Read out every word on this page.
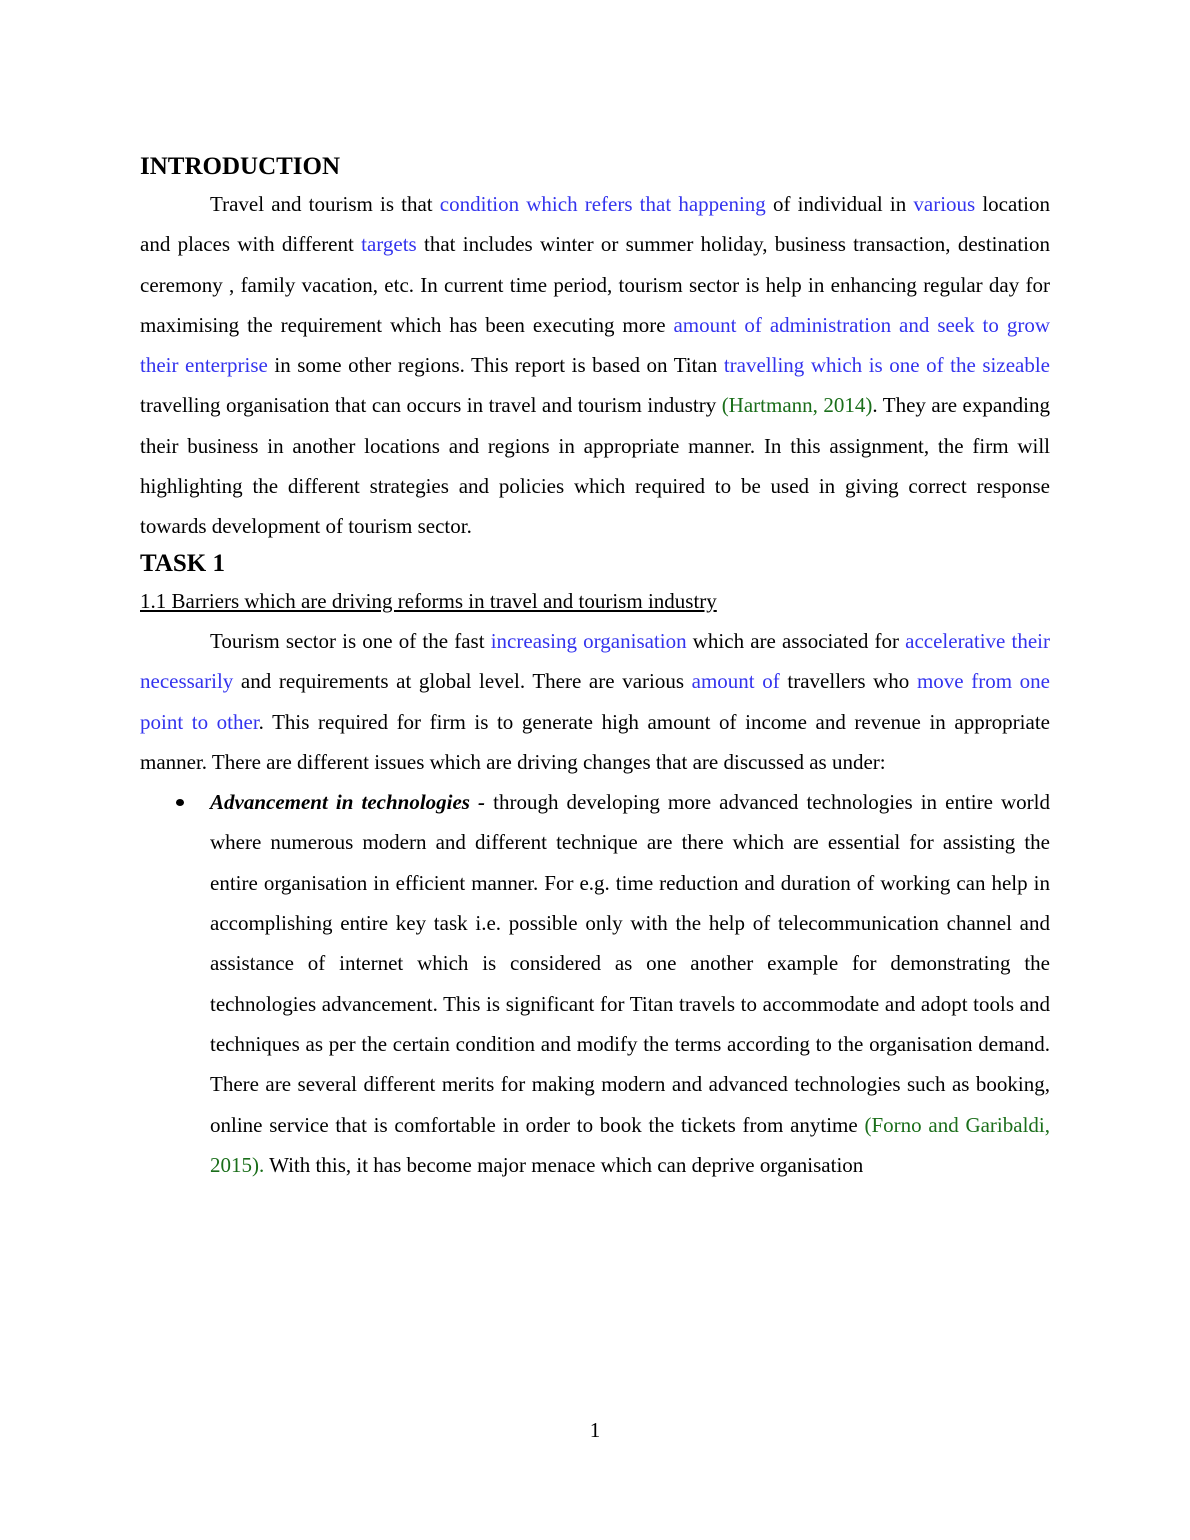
INTRODUCTION

Travel and tourism is that condition which refers that happening of individual in various location and places with different targets that includes winter or summer holiday, business transaction, destination ceremony , family vacation, etc. In current time period, tourism sector is help in enhancing regular day for maximising the requirement which has been executing more amount of administration and seek to grow their enterprise in some other regions. This report is based on Titan travelling which is one of the sizeable travelling organisation that can occurs in travel and tourism industry (Hartmann, 2014). They are expanding their business in another locations and regions in appropriate manner. In this assignment, the firm will highlighting the different strategies and policies which required to be used in giving correct response towards development of tourism sector.

TASK 1

1.1 Barriers which are driving reforms in travel and tourism industry

Tourism sector is one of the fast increasing organisation which are associated for accelerative their necessarily and requirements at global level. There are various amount of travellers who move from one point to other. This required for firm is to generate high amount of income and revenue in appropriate manner. There are different issues which are driving changes that are discussed as under:

Advancement in technologies - through developing more advanced technologies in entire world where numerous modern and different technique are there which are essential for assisting the entire organisation in efficient manner. For e.g. time reduction and duration of working can help in accomplishing entire key task i.e. possible only with the help of telecommunication channel and assistance of internet which is considered as one another example for demonstrating the technologies advancement. This is significant for Titan travels to accommodate and adopt tools and techniques as per the certain condition and modify the terms according to the organisation demand. There are several different merits for making modern and advanced technologies such as booking, online service that is comfortable in order to book the tickets from anytime (Forno and Garibaldi, 2015). With this, it has become major menace which can deprive organisation
1
